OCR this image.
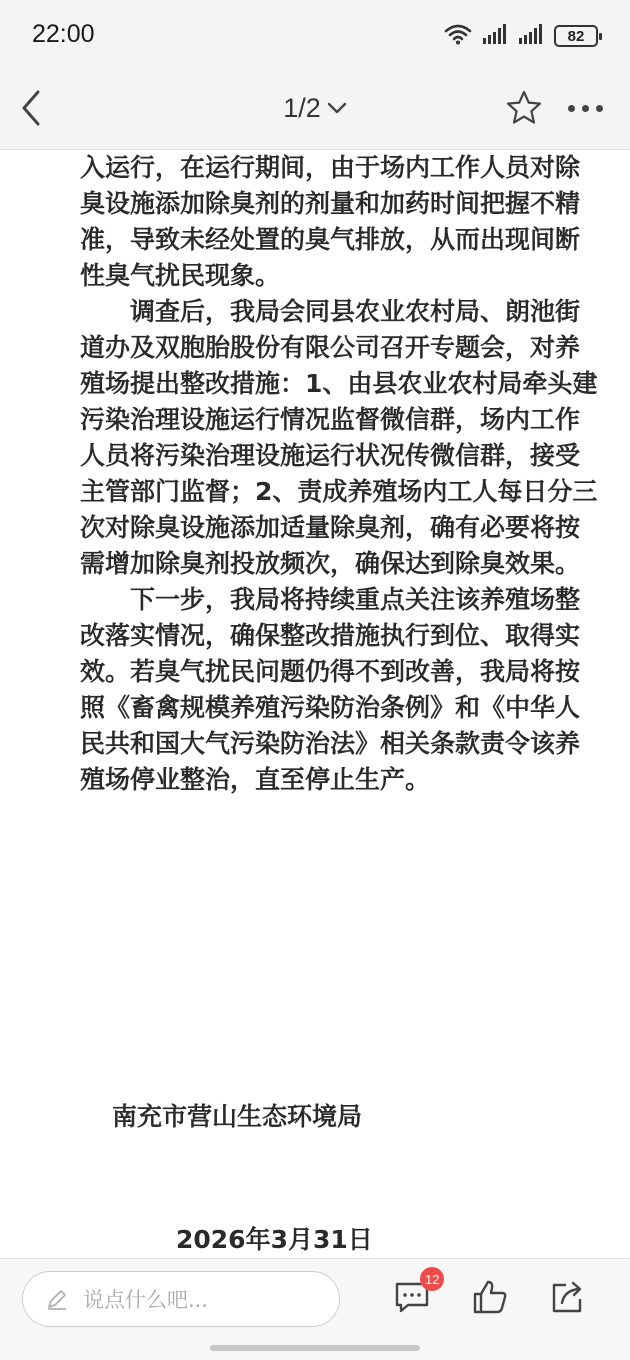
22:00	82
1/2

入运行，在运行期间，由于场内工作人员对除臭设施添加除臭剂的剂量和加药时间把握不精准，导致未经处置的臭气排放，从而出现间断性臭气扰民现象。

调查后，我局会同县农业农村局、朗池街道办及双胞胎股份有限公司召开专题会，对养殖场提出整改措施：1、由县农业农村局牵头建污染治理设施运行情况监督微信群，场内工作人员将污染治理设施运行状况传微信群，接受主管部门监督；2、责成养殖场内工人每日分三次对除臭设施添加适量除臭剂，确有必要将按需增加除臭剂投放频次，确保达到除臭效果。

下一步，我局将持续重点关注该养殖场整改落实情况，确保整改措施执行到位、取得实效。若臭气扰民问题仍得不到改善，我局将按照《畜禽规模养殖污染防治条例》和《中华人民共和国大气污染防治法》相关条款责令该养殖场停业整治，直至停止生产。

南充市营山生态环境局
2026年3月31日
说点什么吧...
12
